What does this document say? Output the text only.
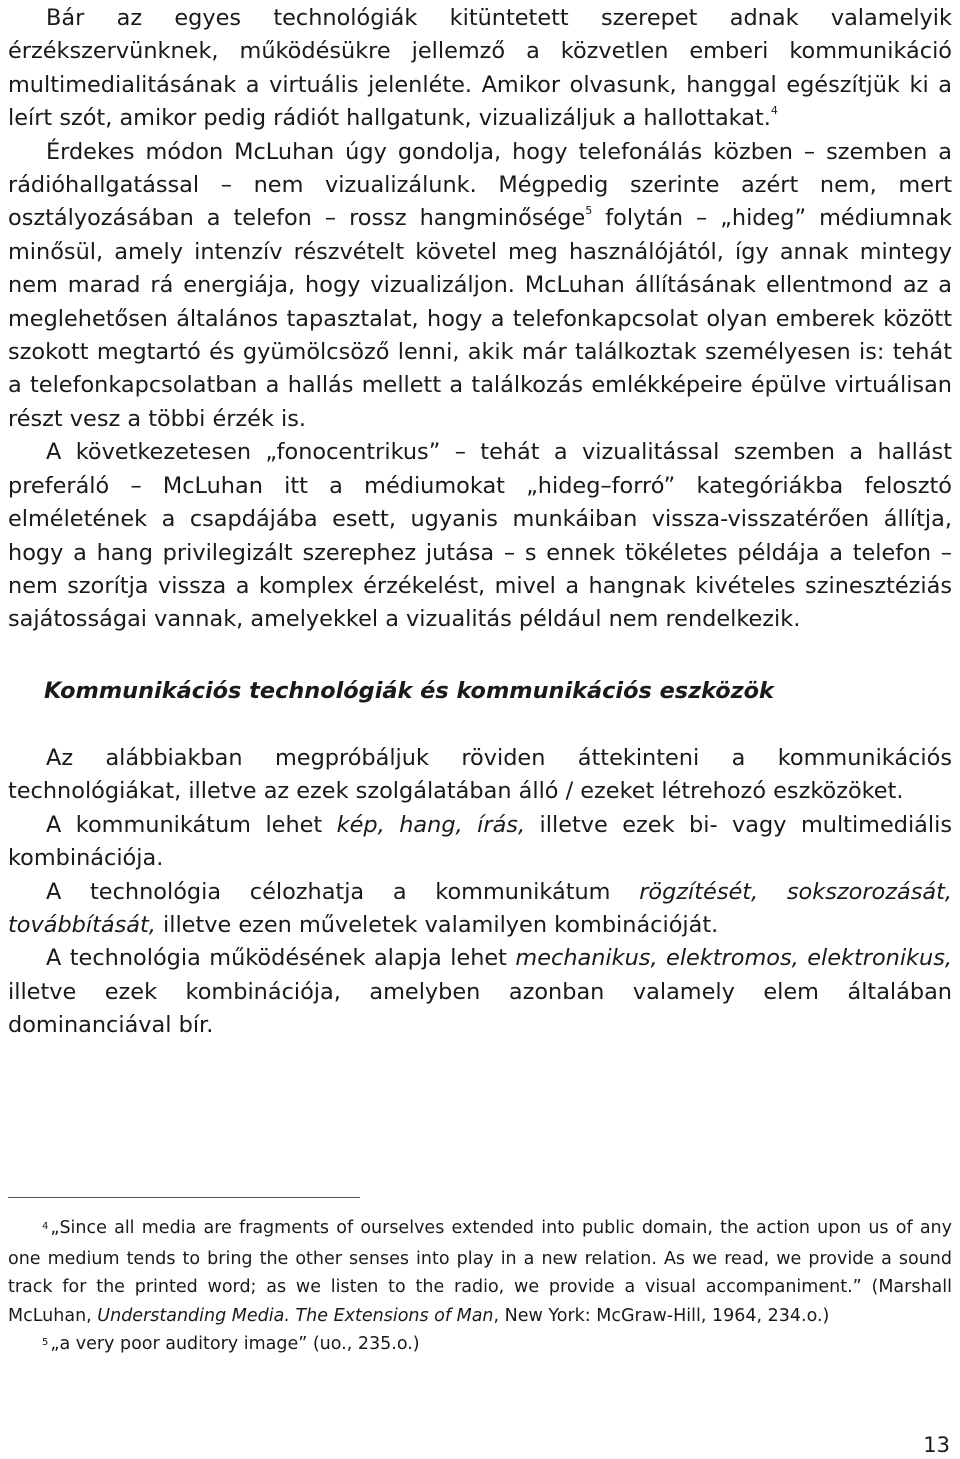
Bár az egyes technológiák kitüntetett szerepet adnak valamelyik érzékszervünknek, működésükre jellemző a közvetlen emberi kommunikáció multimedialitásának a virtuális jelenléte. Amikor olvasunk, hanggal egészítjük ki a leírt szót, amikor pedig rádiót hallgatunk, vizualizáljuk a hallottakat.$^4$

Érdekes módon McLuhan úgy gondolja, hogy telefonálás közben – szemben a rádióhallgatással – nem vizualizálunk. Mégpedig szerinte azért nem, mert osztályozásában a telefon – rossz hangminősége$^5$ folytán – „hideg” médiumnak minősül, amely intenzív részvételt követel meg használójától, így annak mintegy nem marad rá energiája, hogy vizualizáljon. McLuhan állításának ellentmond az a meglehetősen általános tapasztalat, hogy a telefonkapcsolat olyan emberek között szokott megtartó és gyümölcsöző lenni, akik már találkoztak személyesen is: tehát a telefonkapcsolatban a hallás mellett a találkozás emlékképeire épülve virtuálisan részt vesz a többi érzék is.

A következetesen „fonocentrikus” – tehát a vizualitással szemben a hallást preferáló – McLuhan itt a médiumokat „hideg–forró” kategóriákba felosztó elméletének a csapdájába esett, ugyanis munkáiban vissza-visszatérően állítja, hogy a hang privilegizált szerephez jutása – s ennek tökéletes példája a telefon – nem szorítja vissza a komplex érzékelést, mivel a hangnak kivételes szinesztéziás sajátosságai vannak, amelyekkel a vizualitás például nem rendelkezik.

Kommunikációs technológiák és kommunikációs eszközök

Az alábbiakban megpróbáljuk röviden áttekinteni a kommunikációs technológiákat, illetve az ezek szolgálatában álló / ezeket létrehozó eszközöket.

A kommunikátum lehet kép, hang, írás, illetve ezek bi- vagy multimediális kombinációja.

A technológia célozhatja a kommunikátum rögzítését, sokszorozását, továbbítását, illetve ezen műveletek valamilyen kombinációját.

A technológia működésének alapja lehet mechanikus, elektromos, elektronikus, illetve ezek kombinációja, amelyben azonban valamely elem általában dominanciával bír.

$^4$ „Since all media are fragments of ourselves extended into public domain, the action upon us of any one medium tends to bring the other senses into play in a new relation. As we read, we provide a sound track for the printed word; as we listen to the radio, we provide a visual accompaniment.” (Marshall McLuhan, Understanding Media. The Extensions of Man, New York: McGraw-Hill, 1964, 234.o.)

$^5$ „a very poor auditory image” (uo., 235.o.)

13
